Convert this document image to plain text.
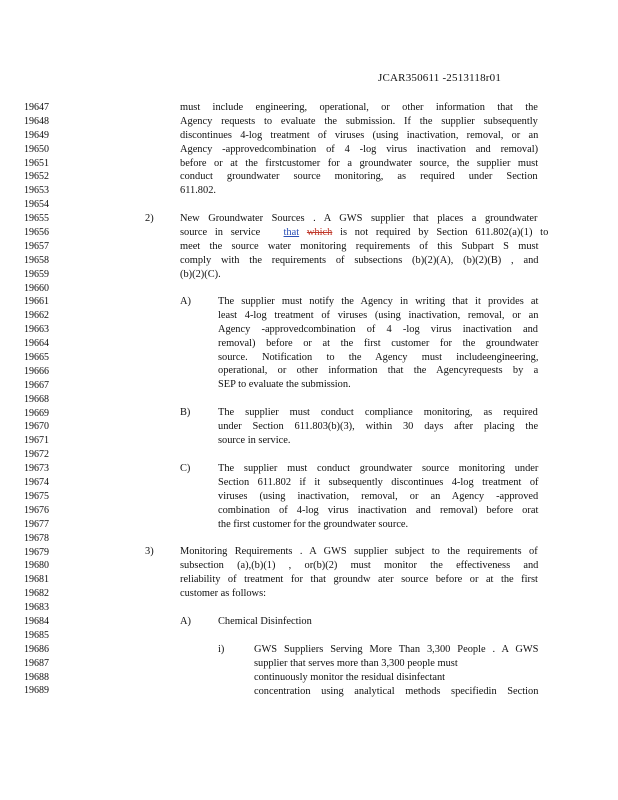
JCAR350611 -2513118r01
19647
19648
19649
19650
19651
19652
19653
19654
19655
19656
19657
19658
19659
19660
19661
19662
19663
19664
19665
19666
19667
19668
19669
19670
19671
19672
19673
19674
19675
19676
19677
19678
19679
19680
19681
19682
19683
19684
19685
19686
19687
19688
19689
must include engineering, operational, or other information that the
Agency requests to evaluate the submission. If the supplier subsequently
discontinues 4-log treatment of viruses (using inactivation, removal, or an
Agency -approvedcombination of 4 -log virus inactivation and removal)
before or at the firstcustomer for a groundwater source, the supplier must
conduct groundwater source monitoring, as required under Section
611.802.
2)	New Groundwater Sources . A GWS supplier that places a groundwater
source in service that which is not required by Section 611.802(a)(1) to
meet the source water monitoring requirements of this Subpart S must
comply with the requirements of subsections (b)(2)(A), (b)(2)(B) , and
(b)(2)(C).
A)	The supplier must notify the Agency in writing that it provides at
least 4-log treatment of viruses (using inactivation, removal, or an
Agency -approvedcombination of 4 -log virus inactivation and
removal) before or at the first customer for the groundwater
source. Notification to the Agency must includeengineering,
operational, or other information that the Agencyrequests by a
SEP to evaluate the submission.
B)	The supplier must conduct compliance monitoring, as required
under Section 611.803(b)(3), within 30 days after placing the
source in service.
C)	The supplier must conduct groundwater source monitoring under
Section 611.802 if it subsequently discontinues 4-log treatment of
viruses (using inactivation, removal, or an Agency -approved
combination of 4-log virus inactivation and removal) before orat
the first customer for the groundwater source.
3)	Monitoring Requirements . A GWS supplier subject to the requirements of
subsection (a),(b)(1) , or(b)(2) must monitor the effectiveness and
reliability of treatment for that groundw ater source before or at the first
customer as follows:
A)	Chemical Disinfection
i)	GWS Suppliers Serving More Than 3,300 People . A GWS
supplier that serves more than 3,300 people must
continuously monitor the residual disinfectant
concentration using analytical methods specifiedin Section
